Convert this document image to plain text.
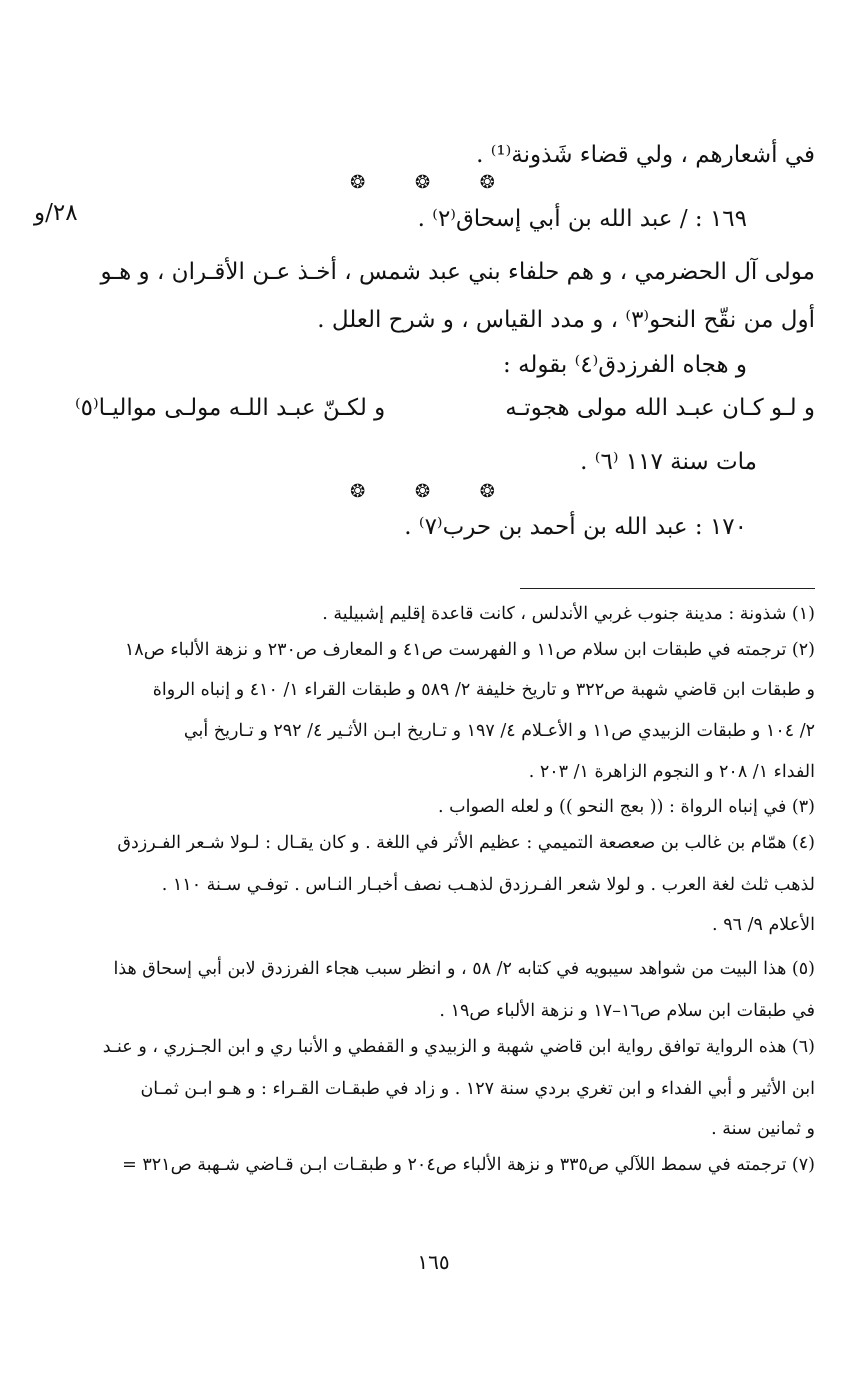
في أشعارهم ، ولي قضاء شَذونة⁽¹⁾ .
❂ ❂ ❂
٢٨/و	١٦٩ : / عبد الله بن أبي إسحاق⁽٢⁾ .
مولى آل الحضرمي ، و هم حلفاء بني عبد شمس ، أخـذ عـن الأقـران ، و هـو
أول من نقّح النحو⁽٣⁾ ، و مدد القياس ، و شرح العلل .
و هجاه الفرزدق⁽٤⁾ بقوله :
و لـو كـان عبـد الله مولى هجوتـه
و لكـنّ عبـد اللـه مولـى مواليـا⁽٥⁾
مات سنة ١١٧ ⁽٦⁾ .
❂ ❂ ❂
١٧٠ : عبد الله بن أحمد بن حرب⁽٧⁾ .
(١) شذونة : مدينة جنوب غربي الأندلس ، كانت قاعدة إقليم إشبيلية .
(٢) ترجمته في طبقات ابن سلام ص١١ و الفهرست ص٤١ و المعارف ص٢٣٠ و نزهة الألباء ص١٨
و طبقات ابن قاضي شهبة ص٣٢٢ و تاريخ خليفة ٢/ ٥٨٩ و طبقات القراء ١/ ٤١٠ و إنباه الرواة
٢/ ١٠٤ و طبقات الزبيدي ص١١ و الأعـلام ٤/ ١٩٧ و تـاريخ ابـن الأثـير ٤/ ٢٩٢ و تـاريخ أبي
الفداء ١/ ٢٠٨ و النجوم الزاهرة ١/ ٢٠٣ .
(٣) في إنباه الرواة : (( بعج النحو )) و لعله الصواب .
(٤) همّام بن غالب بن صعصعة التميمي : عظيم الأثر في اللغة . و كان يقـال : لـولا شـعر الفـرزدق
لذهب ثلث لغة العرب . و لولا شعر الفـرزدق لذهـب نصف أخبـار النـاس . توفـي سـنة ١١٠ .
الأعلام ٩/ ٩٦ .
(٥) هذا البيت من شواهد سيبويه في كتابه ٢/ ٥٨ ، و انظر سبب هجاء الفرزدق لابن أبي إسحاق هذا
في طبقات ابن سلام ص١٦–١٧ و نزهة الألباء ص١٩ .
(٦) هذه الرواية توافق رواية ابن قاضي شهبة و الزبيدي و القفطي و الأنبا ري و ابن الجـزري ، و عنـد
ابن الأثير و أبي الفداء و ابن تغري بردي سنة ١٢٧ . و زاد في طبقـات القـراء : و هـو ابـن ثمـان
و ثمانين سنة .
(٧) ترجمته في سمط اللآلي ص٣٣٥ و نزهة الألباء ص٢٠٤ و طبقـات ابـن قـاضي شـهبة ص٣٢١ =
١٦٥
